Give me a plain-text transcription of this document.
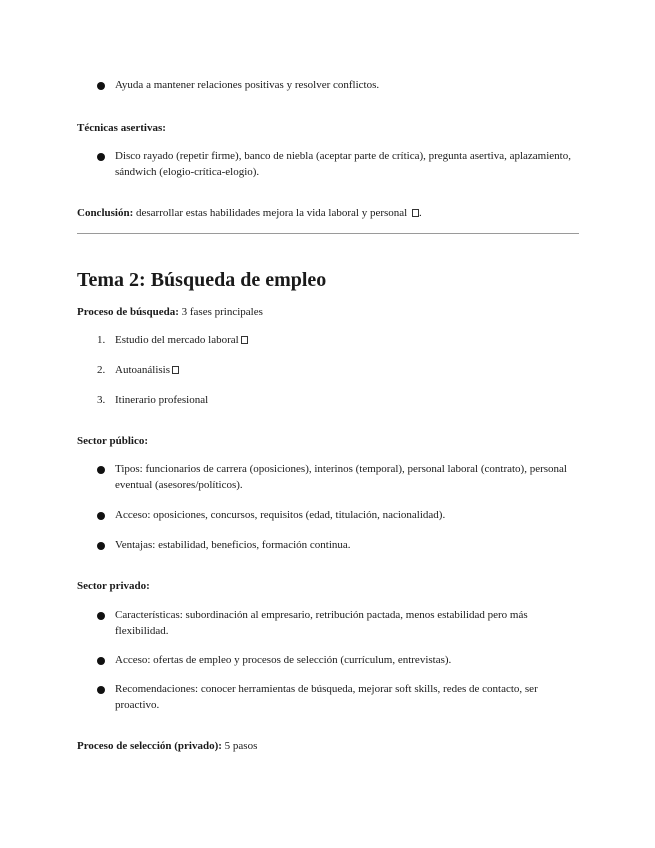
Ayuda a mantener relaciones positivas y resolver conflictos.
Técnicas asertivas:
Disco rayado (repetir firme), banco de niebla (aceptar parte de crítica), pregunta asertiva, aplazamiento, sándwich (elogio-crítica-elogio).
Conclusión: desarrollar estas habilidades mejora la vida laboral y personal .
Tema 2: Búsqueda de empleo
Proceso de búsqueda: 3 fases principales
1. Estudio del mercado laboral
2. Autoanálisis
3. Itinerario profesional
Sector público:
Tipos: funcionarios de carrera (oposiciones), interinos (temporal), personal laboral (contrato), personal eventual (asesores/políticos).
Acceso: oposiciones, concursos, requisitos (edad, titulación, nacionalidad).
Ventajas: estabilidad, beneficios, formación continua.
Sector privado:
Características: subordinación al empresario, retribución pactada, menos estabilidad pero más flexibilidad.
Acceso: ofertas de empleo y procesos de selección (currículum, entrevistas).
Recomendaciones: conocer herramientas de búsqueda, mejorar soft skills, redes de contacto, ser proactivo.
Proceso de selección (privado): 5 pasos
